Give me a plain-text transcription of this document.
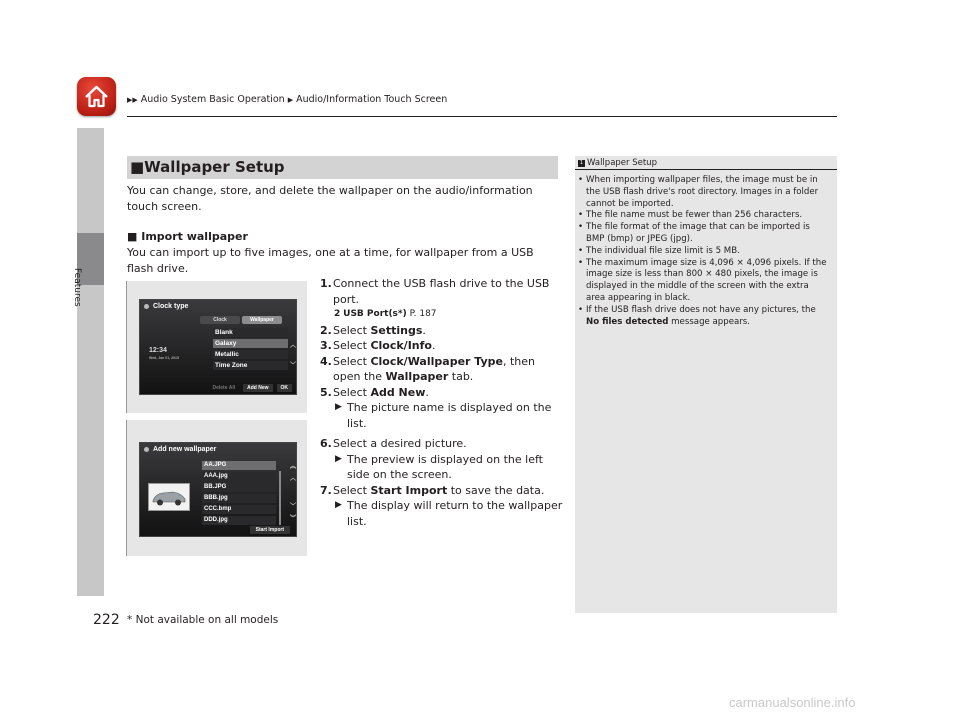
▶▶ Audio System Basic Operation ▶ Audio/Information Touch Screen
Features
■Wallpaper Setup

You can change, store, and delete the wallpaper on the audio/information touch screen.

■ Import wallpaper

You can import up to five images, one at a time, for wallpaper from a USB flash drive.

1. Connect the USB flash drive to the USB port.
2 USB Port(s*) P. 187
2. Select Settings.
3. Select Clock/Info.
4. Select Clock/Wallpaper Type, then open the Wallpaper tab.
5. Select Add New.
▶ The picture name is displayed on the list.
6. Select a desired picture.
▶ The preview is displayed on the left side on the screen.
7. Select Start Import to save the data.
▶ The display will return to the wallpaper list.
Clock type
Clock	Wallpaper
12:34
Wed, Jan 01, 2015
Blank
Galaxy
Metallic
Time Zone
︿
﹀
Delete All	Add New	OK
Add new wallpaper
AA.JPG
AAA.jpg
BB.JPG
BBB.jpg
CCC.bmp
DDD.jpg
︽
︿
﹀
︾
Start Import
1 Wallpaper Setup
• When importing wallpaper files, the image must be in the USB flash drive's root directory. Images in a folder cannot be imported.
• The file name must be fewer than 256 characters.
• The file format of the image that can be imported is BMP (bmp) or JPEG (jpg).
• The individual file size limit is 5 MB.
• The maximum image size is 4,096 × 4,096 pixels. If the image size is less than 800 × 480 pixels, the image is displayed in the middle of the screen with the extra area appearing in black.
• If the USB flash drive does not have any pictures, the No files detected message appears.
222 * Not available on all models
carmanualsonline.info
